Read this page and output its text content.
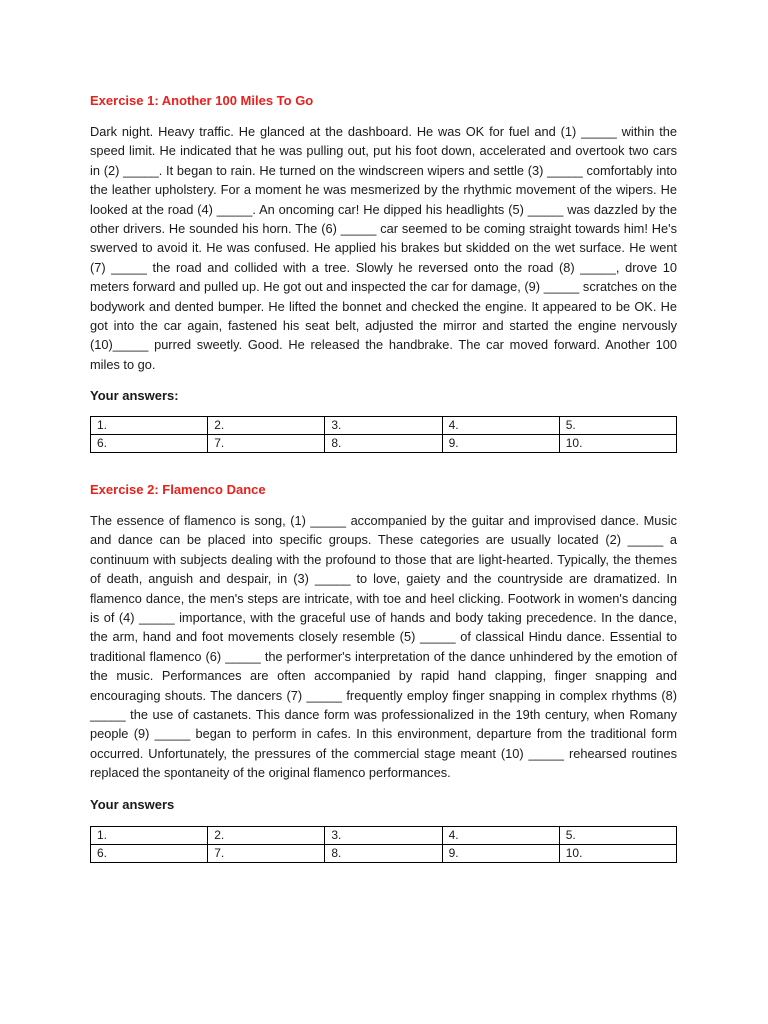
Exercise 1: Another 100 Miles To Go

Dark night. Heavy traffic. He glanced at the dashboard. He was OK for fuel and (1) _____ within the speed limit. He indicated that he was pulling out, put his foot down, accelerated and overtook two cars in (2) _____. It began to rain. He turned on the windscreen wipers and settle (3) _____ comfortably into the leather upholstery. For a moment he was mesmerized by the rhythmic movement of the wipers. He looked at the road (4) _____. An oncoming car! He dipped his headlights (5) _____ was dazzled by the other drivers. He sounded his horn. The (6) _____ car seemed to be coming straight towards him! He's swerved to avoid it. He was confused. He applied his brakes but skidded on the wet surface. He went (7) _____ the road and collided with a tree. Slowly he reversed onto the road (8) _____, drove 10 meters forward and pulled up. He got out and inspected the car for damage, (9) _____ scratches on the bodywork and dented bumper. He lifted the bonnet and checked the engine. It appeared to be OK. He got into the car again, fastened his seat belt, adjusted the mirror and started the engine nervously (10)_____ purred sweetly. Good. He released the handbrake. The car moved forward. Another 100 miles to go.

Your answers:
1.	2.	3.	4.	5.
6.	7.	8.	9.	10.
Exercise 2: Flamenco Dance

The essence of flamenco is song, (1) _____ accompanied by the guitar and improvised dance. Music and dance can be placed into specific groups. These categories are usually located (2) _____ a continuum with subjects dealing with the profound to those that are light-hearted. Typically, the themes of death, anguish and despair, in (3) _____ to love, gaiety and the countryside are dramatized. In flamenco dance, the men's steps are intricate, with toe and heel clicking. Footwork in women's dancing is of (4) _____ importance, with the graceful use of hands and body taking precedence. In the dance, the arm, hand and foot movements closely resemble (5) _____ of classical Hindu dance. Essential to traditional flamenco (6) _____ the performer's interpretation of the dance unhindered by the emotion of the music. Performances are often accompanied by rapid hand clapping, finger snapping and encouraging shouts. The dancers (7) _____ frequently employ finger snapping in complex rhythms (8) _____ the use of castanets. This dance form was professionalized in the 19th century, when Romany people (9) _____ began to perform in cafes. In this environment, departure from the traditional form occurred. Unfortunately, the pressures of the commercial stage meant (10) _____ rehearsed routines replaced the spontaneity of the original flamenco performances.

Your answers
1.	2.	3.	4.	5.
6.	7.	8.	9.	10.
